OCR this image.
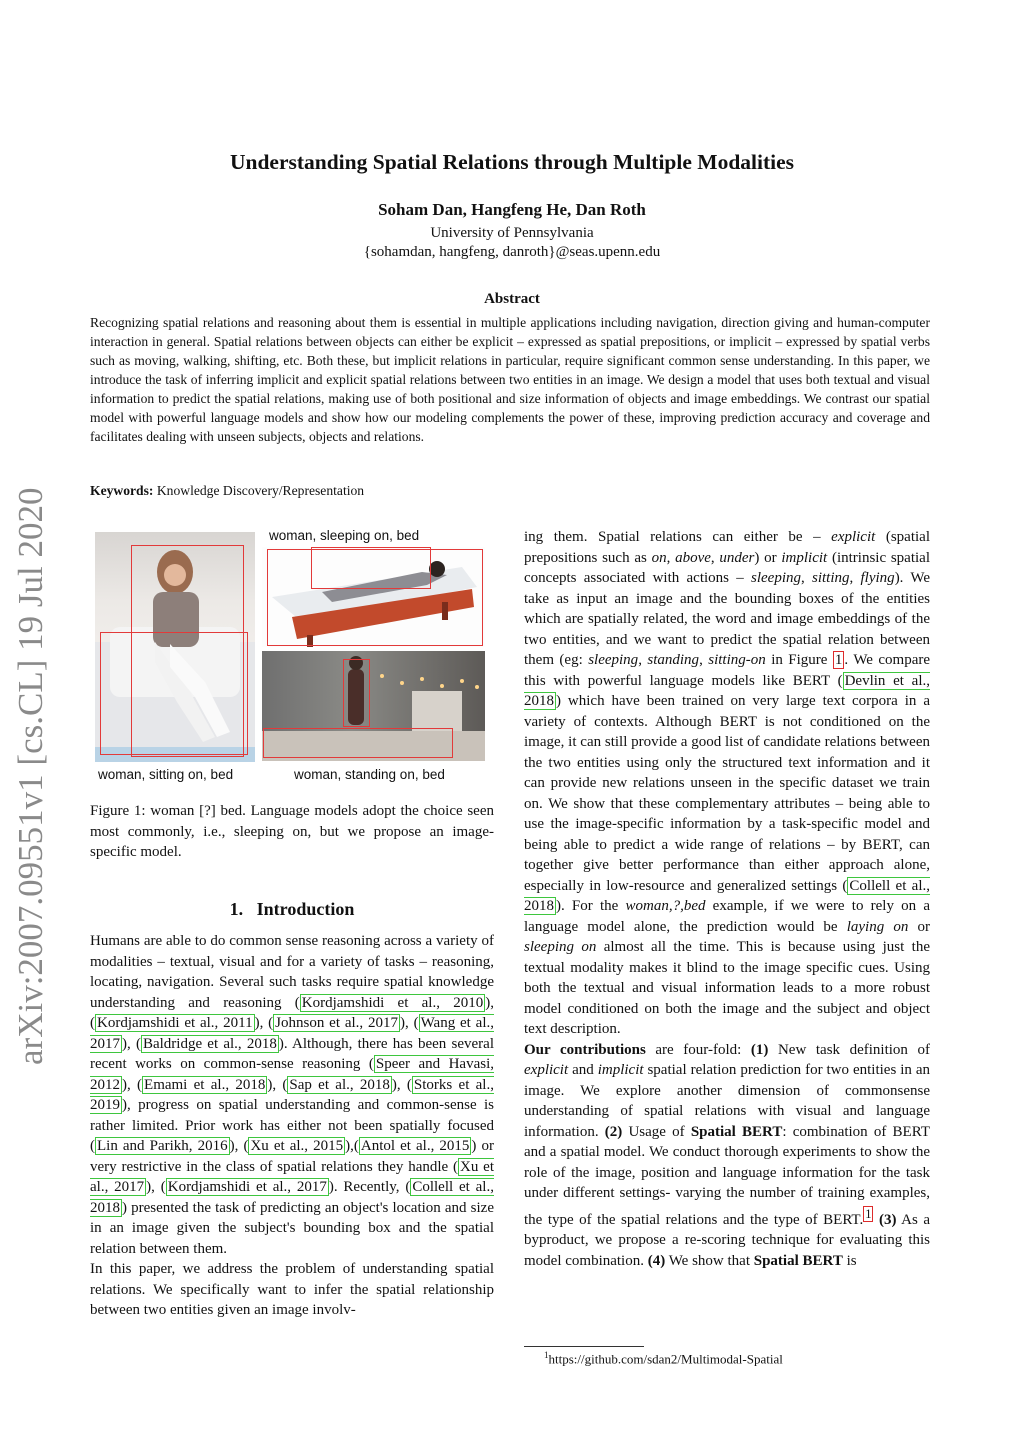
Understanding Spatial Relations through Multiple Modalities
Soham Dan, Hangfeng He, Dan Roth
University of Pennsylvania
{sohamdan, hangfeng, danroth}@seas.upenn.edu
arXiv:2007.09551v1 [cs.CL] 19 Jul 2020
Abstract
Recognizing spatial relations and reasoning about them is essential in multiple applications including navigation, direction giving and human-computer interaction in general. Spatial relations between objects can either be explicit – expressed as spatial prepositions, or implicit – expressed by spatial verbs such as moving, walking, shifting, etc. Both these, but implicit relations in particular, require significant common sense understanding. In this paper, we introduce the task of inferring implicit and explicit spatial relations between two entities in an image. We design a model that uses both textual and visual information to predict the spatial relations, making use of both positional and size information of objects and image embeddings. We contrast our spatial model with powerful language models and show how our modeling complements the power of these, improving prediction accuracy and coverage and facilitates dealing with unseen subjects, objects and relations.
Keywords: Knowledge Discovery/Representation
woman, sleeping on, bed
woman, sitting on, bed	woman, standing on, bed
Figure 1: woman [?] bed. Language models adopt the choice seen most commonly, i.e., sleeping on, but we propose an image-specific model.
1. Introduction
Humans are able to do common sense reasoning across a variety of modalities – textual, visual and for a variety of tasks – reasoning, locating, navigation. Several such tasks require spatial knowledge understanding and reasoning ( Kordjamshidi et al., 2010 ), ( Kordjamshidi et al., 2011 ), ( Johnson et al., 2017 ), ( Wang et al., 2017 ), ( Baldridge et al., 2018 ). Although, there has been several recent works on common-sense reasoning ( Speer and Havasi, 2012 ), ( Emami et al., 2018 ), ( Sap et al., 2018 ), ( Storks et al., 2019 ), progress on spatial understanding and common-sense is rather limited. Prior work has either not been spatially focused ( Lin and Parikh, 2016 ), ( Xu et al., 2015 ),( Antol et al., 2015 ) or very restrictive in the class of spatial relations they handle ( Xu et al., 2017 ), ( Kordjamshidi et al., 2017 ). Recently, ( Collell et al., 2018 ) presented the task of predicting an object's location and size in an image given the subject's bounding box and the spatial relation between them.
In this paper, we address the problem of understanding spatial relations. We specifically want to infer the spatial relationship between two entities given an image involv-
ing them. Spatial relations can either be – explicit (spatial prepositions such as on, above, under) or implicit (intrinsic spatial concepts associated with actions – sleeping, sitting, flying). We take as input an image and the bounding boxes of the entities which are spatially related, the word and image embeddings of the two entities, and we want to predict the spatial relation between them (eg: sleeping, standing, sitting-on in Figure 1 . We compare this with powerful language models like BERT ( Devlin et al., 2018 ) which have been trained on very large text corpora in a variety of contexts. Although BERT is not conditioned on the image, it can still provide a good list of candidate relations between the two entities using only the structured text information and it can provide new relations unseen in the specific dataset we train on. We show that these complementary attributes – being able to use the image-specific information by a task-specific model and being able to predict a wide range of relations – by BERT, can together give better performance than either approach alone, especially in low-resource and generalized settings ( Collell et al., 2018 ). For the woman,?,bed example, if we were to rely on a language model alone, the prediction would be laying on or sleeping on almost all the time. This is because using just the textual modality makes it blind to the image specific cues. Using both the textual and visual information leads to a more robust model conditioned on both the image and the subject and object text description.
Our contributions are four-fold: (1) New task definition of explicit and implicit spatial relation prediction for two entities in an image. We explore another dimension of commonsense understanding of spatial relations with visual and language information. (2) Usage of Spatial BERT: combination of BERT and a spatial model. We conduct thorough experiments to show the role of the image, position and language information for the task under different settings- varying the number of training examples, the type of the spatial relations and the type of BERT. $^1$ (3) As a byproduct, we propose a re-scoring technique for evaluating this model combination. (4) We show that Spatial BERT is
$^1$https://github.com/sdan2/Multimodal-Spatial
